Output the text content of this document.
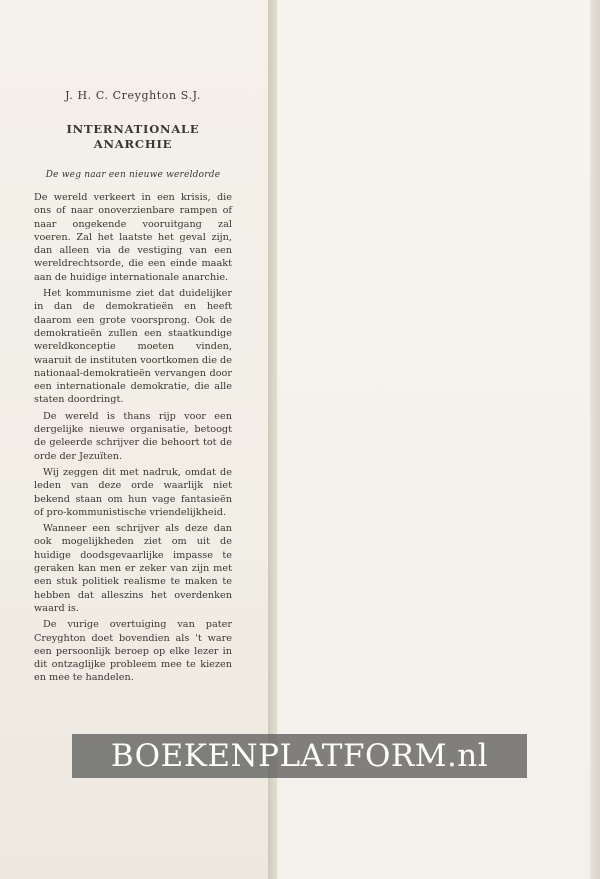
J. H. C. Creyghton S.J.

INTERNATIONALE
ANARCHIE

De weg naar een nieuwe wereldorde

De wereld verkeert in een krisis, die ons of naar onoverzienbare rampen of naar ongekende vooruitgang zal voeren. Zal het laatste het geval zijn, dan alleen via de vestiging van een wereldrechtsorde, die een einde maakt aan de huidige internationale anarchie.

Het kommunisme ziet dat duidelijker in dan de demokratieën en heeft daarom een grote voorsprong. Ook de demokratieën zullen een staatkundige wereldkonceptie moeten vinden, waaruit de instituten voortkomen die de nationaal-demokratieën vervangen door een internationale demokratie, die alle staten doordringt.

De wereld is thans rijp voor een dergelijke nieuwe organisatie, betoogt de geleerde schrijver die behoort tot de orde der Jezuïten.

Wij zeggen dit met nadruk, omdat de leden van deze orde waarlijk niet bekend staan om hun vage fantasieën of pro-kommunistische vriendelijkheid.

Wanneer een schrijver als deze dan ook mogelijkheden ziet om uit de huidige doodsgevaarlijke impasse te geraken kan men er zeker van zijn met een stuk politiek realisme te maken te hebben dat alleszins het overdenken waard is.

De vurige overtuiging van pater Creyghton doet bovendien als 't ware een persoonlijk beroep op elke lezer in dit ontzaglijke probleem mee te kiezen en mee te handelen.

BOEKENPLATFORM.nl
